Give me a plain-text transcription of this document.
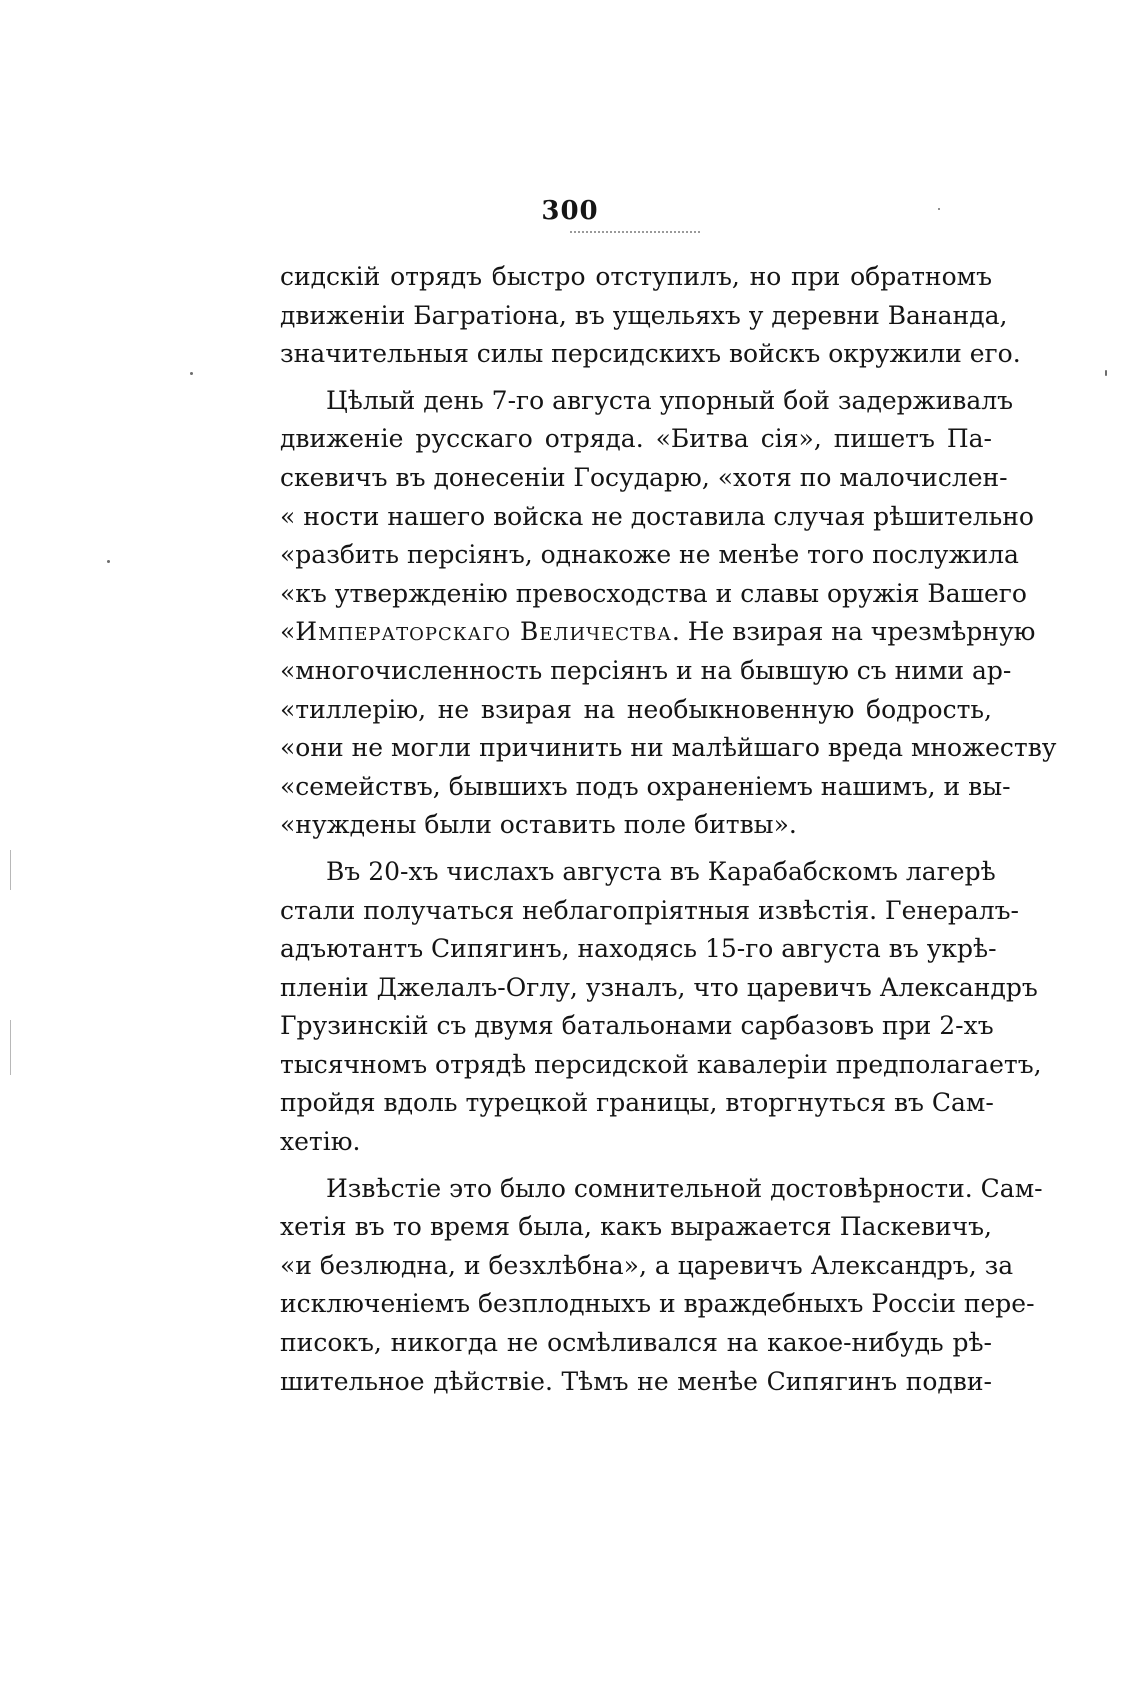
300
сидскій отрядъ быстро отступилъ, но при обратномъ
движеніи Багратіона, въ ущельяхъ у деревни Вананда,
значительныя силы персидскихъ войскъ окружили его.
Цѣлый день 7-го августа упорный бой задерживалъ
движеніе русскаго отряда. «Битва сія», пишетъ Па-
скевичъ въ донесеніи Государю, «хотя по малочислен-
« ности нашего войска не доставила случая рѣшительно
«разбить персіянъ, однакоже не менѣе того послужила
«къ утвержденію превосходства и славы оружія Вашего
«Императорскаго Величества. Не взирая на чрезмѣрную
«многочисленность персіянъ и на бывшую съ ними ар-
«тиллерію, не взирая на необыкновенную бодрость,
«они не могли причинить ни малѣйшаго вреда множеству
«семействъ, бывшихъ подъ охраненіемъ нашимъ, и вы-
«нуждены были оставить поле битвы».
Въ 20-хъ числахъ августа въ Карабабскомъ лагерѣ
стали получаться неблагопріятныя извѣстія. Генералъ-
адъютантъ Сипягинъ, находясь 15-го августа въ укрѣ-
пленіи Джелалъ-Оглу, узналъ, что царевичъ Александръ
Грузинскій съ двумя батальонами сарбазовъ при 2-хъ
тысячномъ отрядѣ персидской кавалеріи предполагаетъ,
пройдя вдоль турецкой границы, вторгнуться въ Сам-
хетію.
Извѣстіе это было сомнительной достовѣрности. Сам-
хетія въ то время была, какъ выражается Паскевичъ,
«и безлюдна, и безхлѣбна», а царевичъ Александръ, за
исключеніемъ безплодныхъ и враждебныхъ Россіи пере-
писокъ, никогда не осмѣливался на какое-нибудь рѣ-
шительное дѣйствіе. Тѣмъ не менѣе Сипягинъ подви-
